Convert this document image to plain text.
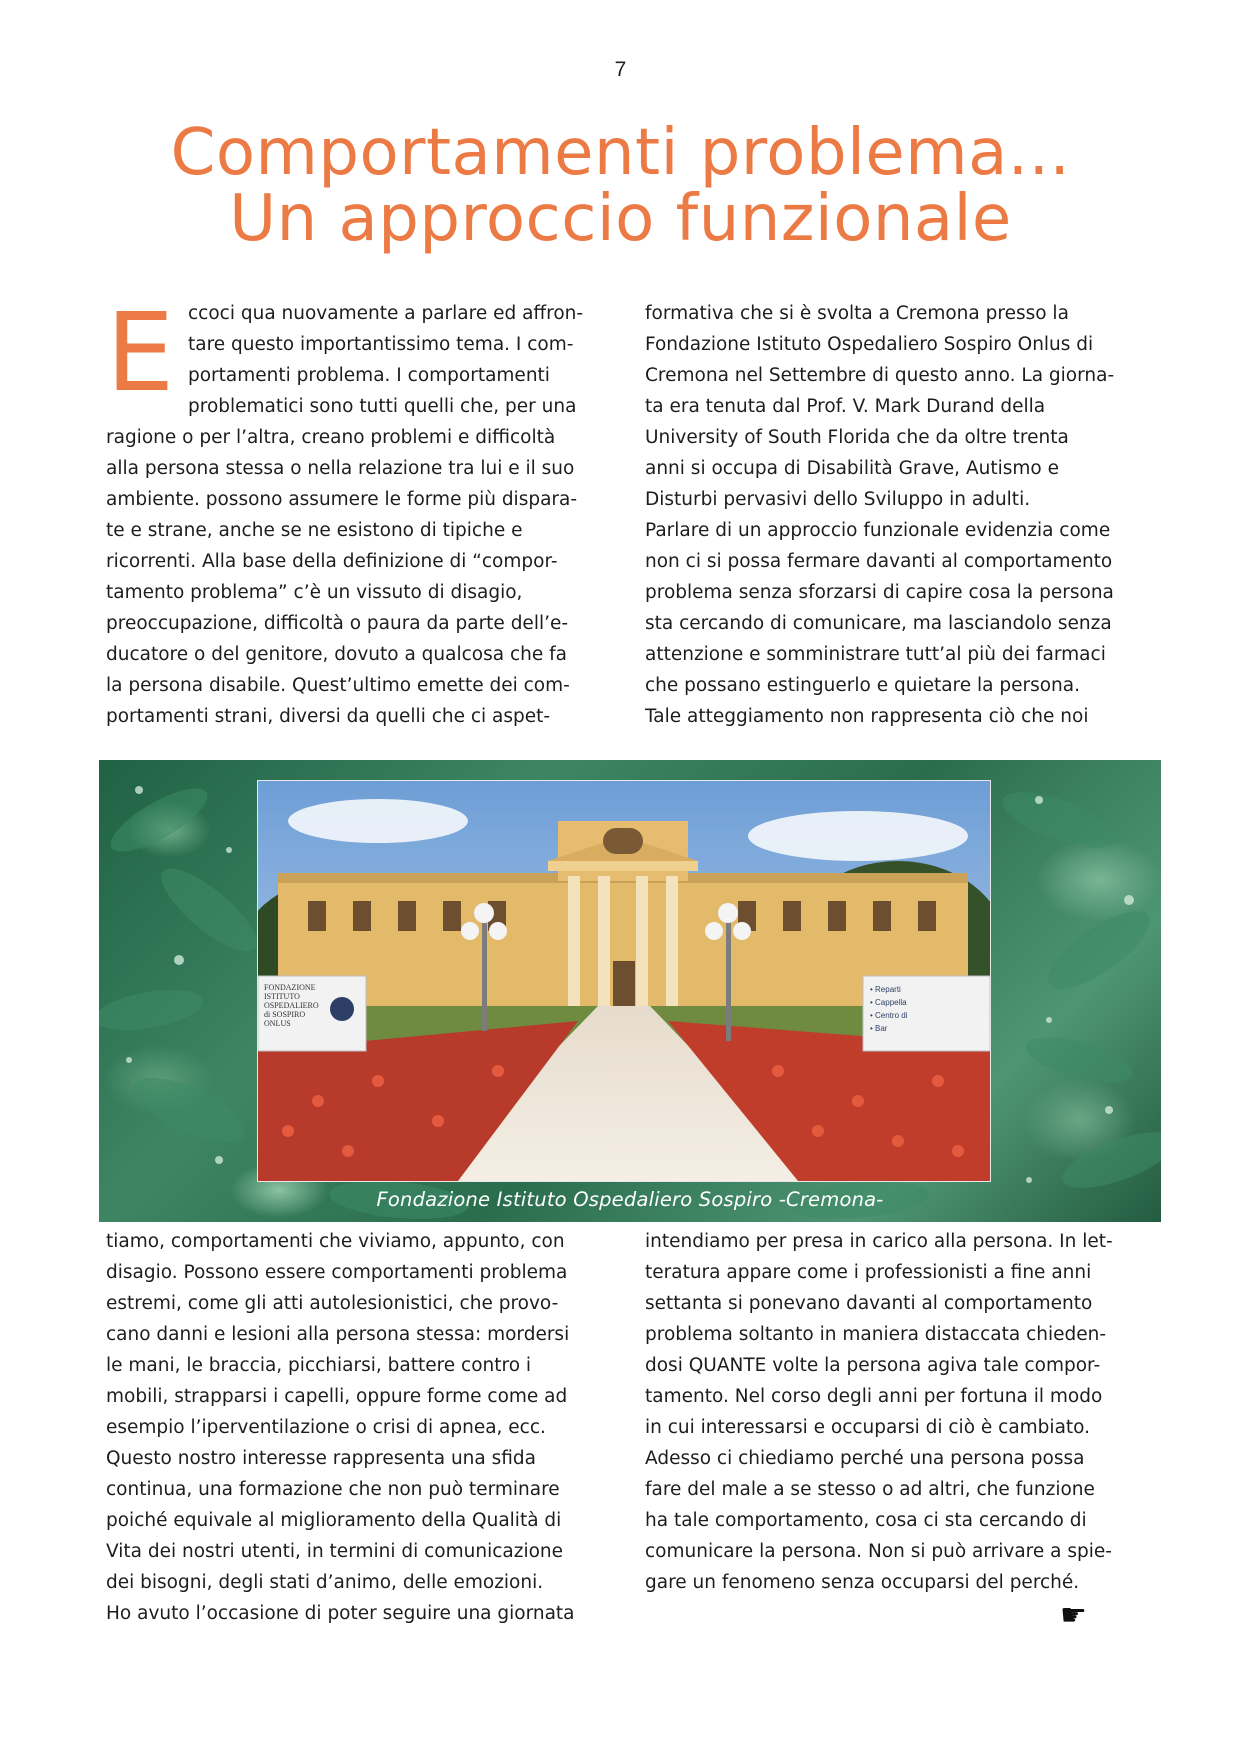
7
Comportamenti problema...
Un approccio funzionale
E ccoci qua nuovamente a parlare ed affron-
tare questo importantissimo tema. I com-
portamenti problema. I comportamenti
problematici sono tutti quelli che, per una
ragione o per l’altra, creano problemi e difficoltà
alla persona stessa o nella relazione tra lui e il suo
ambiente. possono assumere le forme più dispara-
te e strane, anche se ne esistono di tipiche e
ricorrenti. Alla base della definizione di “compor-
tamento problema” c’è un vissuto di disagio,
preoccupazione, difficoltà o paura da parte dell’e-
ducatore o del genitore, dovuto a qualcosa che fa
la persona disabile. Quest’ultimo emette dei com-
portamenti strani, diversi da quelli che ci aspet-

formativa che si è svolta a Cremona presso la
Fondazione Istituto Ospedaliero Sospiro Onlus di
Cremona nel Settembre di questo anno. La giorna-
ta era tenuta dal Prof. V. Mark Durand della
University of South Florida che da oltre trenta
anni si occupa di Disabilità Grave, Autismo e
Disturbi pervasivi dello Sviluppo in adulti.
Parlare di un approccio funzionale evidenzia come
non ci si possa fermare davanti al comportamento
problema senza sforzarsi di capire cosa la persona
sta cercando di comunicare, ma lasciandolo senza
attenzione e somministrare tutt’al più dei farmaci
che possano estinguerlo e quietare la persona.
Tale atteggiamento non rappresenta ciò che noi

FONDAZIONE
ISTITUTO
OSPEDALIERO
di SOSPIRO
ONLUS
• Reparti
• Cappella
• Centro di
• Bar
Fondazione Istituto Ospedaliero Sospiro -Cremona-

tiamo, comportamenti che viviamo, appunto, con
disagio. Possono essere comportamenti problema
estremi, come gli atti autolesionistici, che provo-
cano danni e lesioni alla persona stessa: mordersi
le mani, le braccia, picchiarsi, battere contro i
mobili, strapparsi i capelli, oppure forme come ad
esempio l’iperventilazione o crisi di apnea, ecc.
Questo nostro interesse rappresenta una sfida
continua, una formazione che non può terminare
poiché equivale al miglioramento della Qualità di
Vita dei nostri utenti, in termini di comunicazione
dei bisogni, degli stati d’animo, delle emozioni.
Ho avuto l’occasione di poter seguire una giornata

intendiamo per presa in carico alla persona. In let-
teratura appare come i professionisti a fine anni
settanta si ponevano davanti al comportamento
problema soltanto in maniera distaccata chieden-
dosi QUANTE volte la persona agiva tale compor-
tamento. Nel corso degli anni per fortuna il modo
in cui interessarsi e occuparsi di ciò è cambiato.
Adesso ci chiediamo perché una persona possa
fare del male a se stesso o ad altri, che funzione
ha tale comportamento, cosa ci sta cercando di
comunicare la persona. Non si può arrivare a spie-
gare un fenomeno senza occuparsi del perché.

☛
